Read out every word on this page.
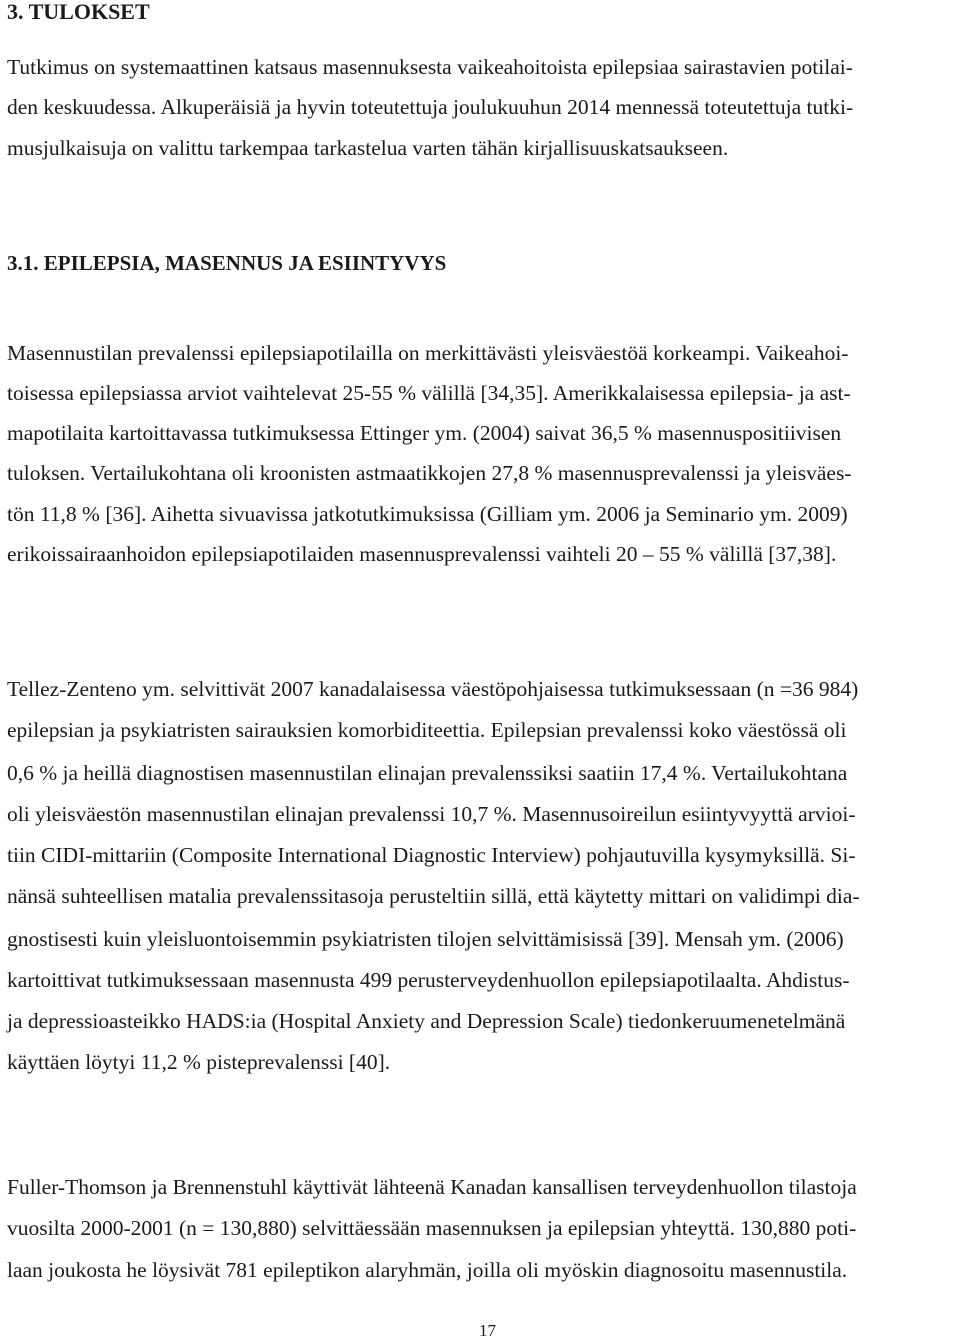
3. TULOKSET
Tutkimus on systemaattinen katsaus masennuksesta vaikeahoitoista epilepsiaa sairastavien potilai-
den keskuudessa. Alkuperäisiä ja hyvin toteutettuja joulukuuhun 2014 mennessä toteutettuja tutki-
musjulkaisuja on valittu tarkempaa tarkastelua varten tähän kirjallisuuskatsaukseen.
3.1. EPILEPSIA, MASENNUS JA ESIINTYVYS
Masennustilan prevalenssi epilepsiapotilailla on merkittävästi yleisväestöä korkeampi. Vaikeahoi-
toisessa epilepsiassa arviot vaihtelevat 25-55 % välillä [34,35]. Amerikkalaisessa epilepsia- ja ast-
mapotilaita kartoittavassa tutkimuksessa Ettinger ym. (2004) saivat 36,5 % masennuspositiivisen
tuloksen. Vertailukohtana oli kroonisten astmaatikkojen 27,8 % masennusprevalenssi ja yleisväes-
tön 11,8 % [36]. Aihetta sivuavissa jatkotutkimuksissa (Gilliam ym. 2006 ja Seminario ym. 2009)
erikoissairaanhoidon epilepsiapotilaiden masennusprevalenssi vaihteli 20 – 55 % välillä [37,38].
Tellez-Zenteno ym. selvittivät 2007 kanadalaisessa väestöpohjaisessa tutkimuksessaan (n =36 984)
epilepsian ja psykiatristen sairauksien komorbiditeettia. Epilepsian prevalenssi koko väestössä oli
0,6 % ja heillä diagnostisen masennustilan elinajan prevalenssiksi saatiin 17,4 %. Vertailukohtana
oli yleisväestön masennustilan elinajan prevalenssi 10,7 %. Masennusoireilun esiintyvyyttä arvioi-
tiin CIDI-mittariin (Composite International Diagnostic Interview) pohjautuvilla kysymyksillä. Si-
nänsä suhteellisen matalia prevalenssitasoja perusteltiin sillä, että käytetty mittari on validimpi dia-
gnostisesti kuin yleisluontoisemmin psykiatristen tilojen selvittämisissä [39]. Mensah ym. (2006)
kartoittivat tutkimuksessaan masennusta 499 perusterveydenhuollon epilepsiapotilaalta. Ahdistus-
ja depressioasteikko HADS:ia (Hospital Anxiety and Depression Scale) tiedonkeruumenetelmänä
käyttäen löytyi 11,2 % pisteprevalenssi [40].
Fuller-Thomson ja Brennenstuhl käyttivät lähteenä Kanadan kansallisen terveydenhuollon tilastoja
vuosilta 2000-2001 (n = 130,880) selvittäessään masennuksen ja epilepsian yhteyttä. 130,880 poti-
laan joukosta he löysivät 781 epileptikon alaryhmän, joilla oli myöskin diagnosoitu masennustila.
17
